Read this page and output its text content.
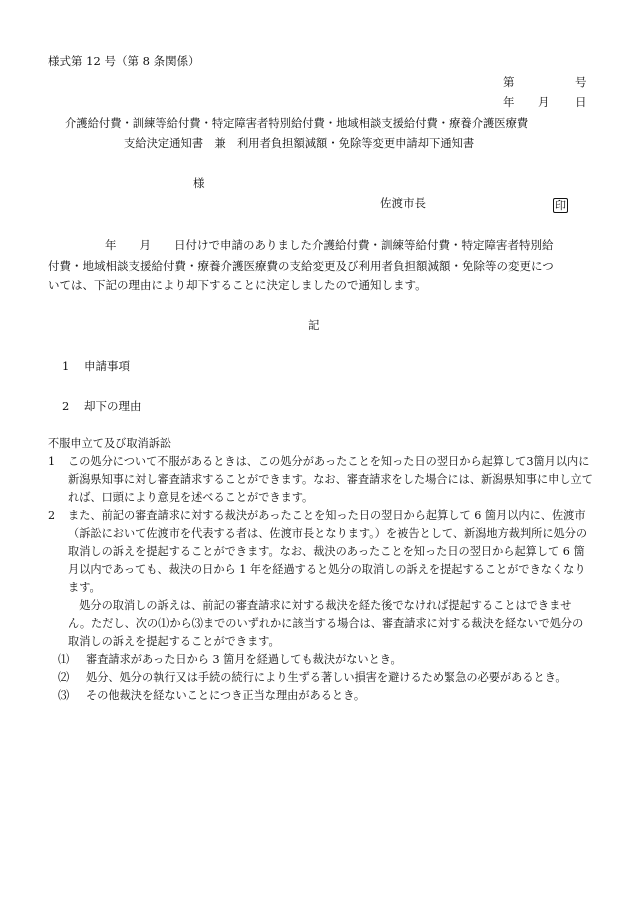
様式第 12 号（第 8 条関係）
第	号
年 月 日
介護給付費・訓練等給付費・特定障害者特別給付費・地域相談支援給付費・療養介護医療費
支給決定通知書　兼　利用者負担額減額・免除等変更申請却下通知書
様
佐渡市長	印
年　　月　　日付けで申請のありました介護給付費・訓練等給付費・特定障害者特別給
付費・地域相談支援給付費・療養介護医療費の支給変更及び利用者負担額減額・免除等の変更につ
いては、下記の理由により却下することに決定しましたので通知します。
記
1 申請事項
2 却下の理由
不服申立て及び取消訴訟
1 この処分について不服があるときは、この処分があったことを知った日の翌日から起算して3箇月以内に新潟県知事に対し審査請求することができます。なお、審査請求をした場合には、新潟県知事に申し立てれば、口頭により意見を述べることができます。
2 また、前記の審査請求に対する裁決があったことを知った日の翌日から起算して 6 箇月以内に、佐渡市（訴訟において佐渡市を代表する者は、佐渡市長となります。）を被告として、新潟地方裁判所に処分の取消しの訴えを提起することができます。なお、裁決のあったことを知った日の翌日から起算して 6 箇月以内であっても、裁決の日から 1 年を経過すると処分の取消しの訴えを提起することができなくなります。
処分の取消しの訴えは、前記の審査請求に対する裁決を経た後でなければ提起することはできません。ただし、次の⑴から⑶までのいずれかに該当する場合は、審査請求に対する裁決を経ないで処分の取消しの訴えを提起することができます。
⑴ 審査請求があった日から 3 箇月を経過しても裁決がないとき。
⑵ 処分、処分の執行又は手続の続行により生ずる著しい損害を避けるため緊急の必要があるとき。
⑶ その他裁決を経ないことにつき正当な理由があるとき。
